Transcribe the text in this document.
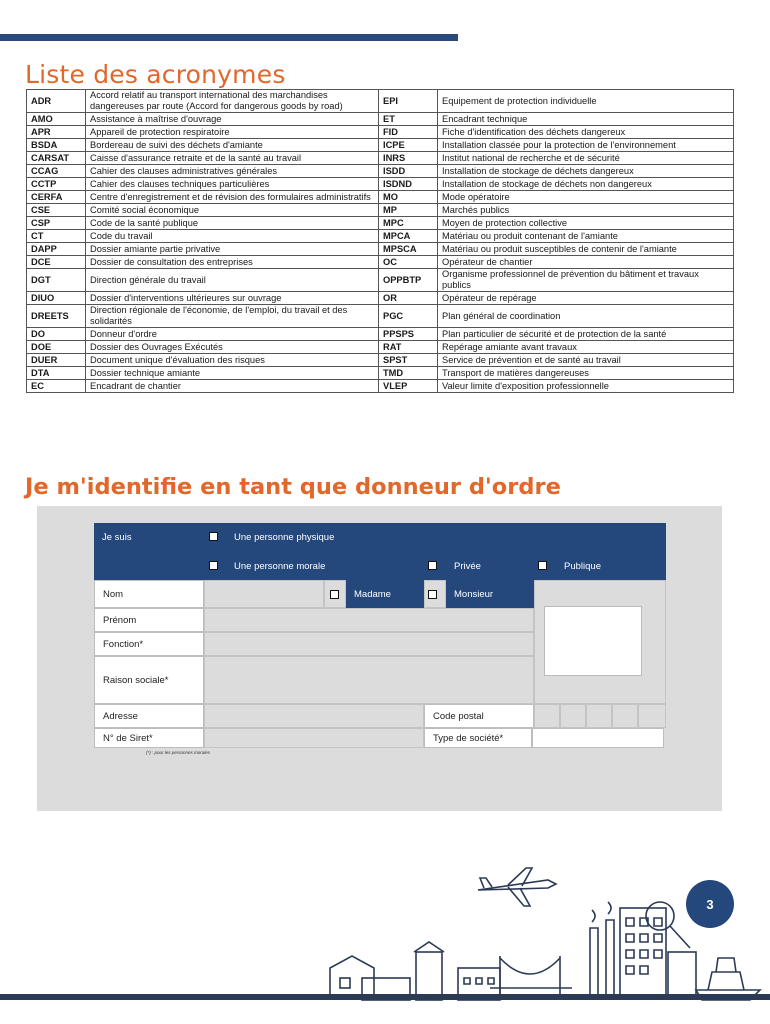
Liste des acronymes
ADR	Accord relatif au transport international des marchandises dangereuses par route (Accord for dangerous goods by road)	EPI	Equipement de protection individuelle
AMO	Assistance à maîtrise d'ouvrage	ET	Encadrant technique
APR	Appareil de protection respiratoire	FID	Fiche d'identification des déchets dangereux
BSDA	Bordereau de suivi des déchets d'amiante	ICPE	Installation classée pour la protection de l'environnement
CARSAT	Caisse d'assurance retraite et de la santé au travail	INRS	Institut national de recherche et de sécurité
CCAG	Cahier des clauses administratives générales	ISDD	Installation de stockage de déchets dangereux
CCTP	Cahier des clauses techniques particulières	ISDND	Installation de stockage de déchets non dangereux
CERFA	Centre d'enregistrement et de révision des formulaires administratifs	MO	Mode opératoire
CSE	Comité social économique	MP	Marchés publics
CSP	Code de la santé publique	MPC	Moyen de protection collective
CT	Code du travail	MPCA	Matériau ou produit contenant de l'amiante
DAPP	Dossier amiante partie privative	MPSCA	Matériau ou produit susceptibles de contenir de l'amiante
DCE	Dossier de consultation des entreprises	OC	Opérateur de chantier
DGT	Direction générale du travail	OPPBTP	Organisme professionnel de prévention du bâtiment et travaux publics
DIUO	Dossier d'interventions ultérieures sur ouvrage	OR	Opérateur de repérage
DREETS	Direction régionale de l'économie, de l'emploi, du travail et des solidarités	PGC	Plan général de coordination
DO	Donneur d'ordre	PPSPS	Plan particulier de sécurité et de protection de la santé
DOE	Dossier des Ouvrages Exécutés	RAT	Repérage amiante avant travaux
DUER	Document unique d'évaluation des risques	SPST	Service de prévention et de santé au travail
DTA	Dossier technique amiante	TMD	Transport de matières dangereuses
EC	Encadrant de chantier	VLEP	Valeur limite d'exposition professionnelle
Je m'identifie en tant que donneur d'ordre
Je suis	Une personne physique
Une personne morale	Privée	Publique
Nom	Madame	Monsieur
Prénom
Fonction*
Raison sociale*
Adresse	Code postal
N° de Siret*	Type de société*
(*) : pour les personnes morales
3
